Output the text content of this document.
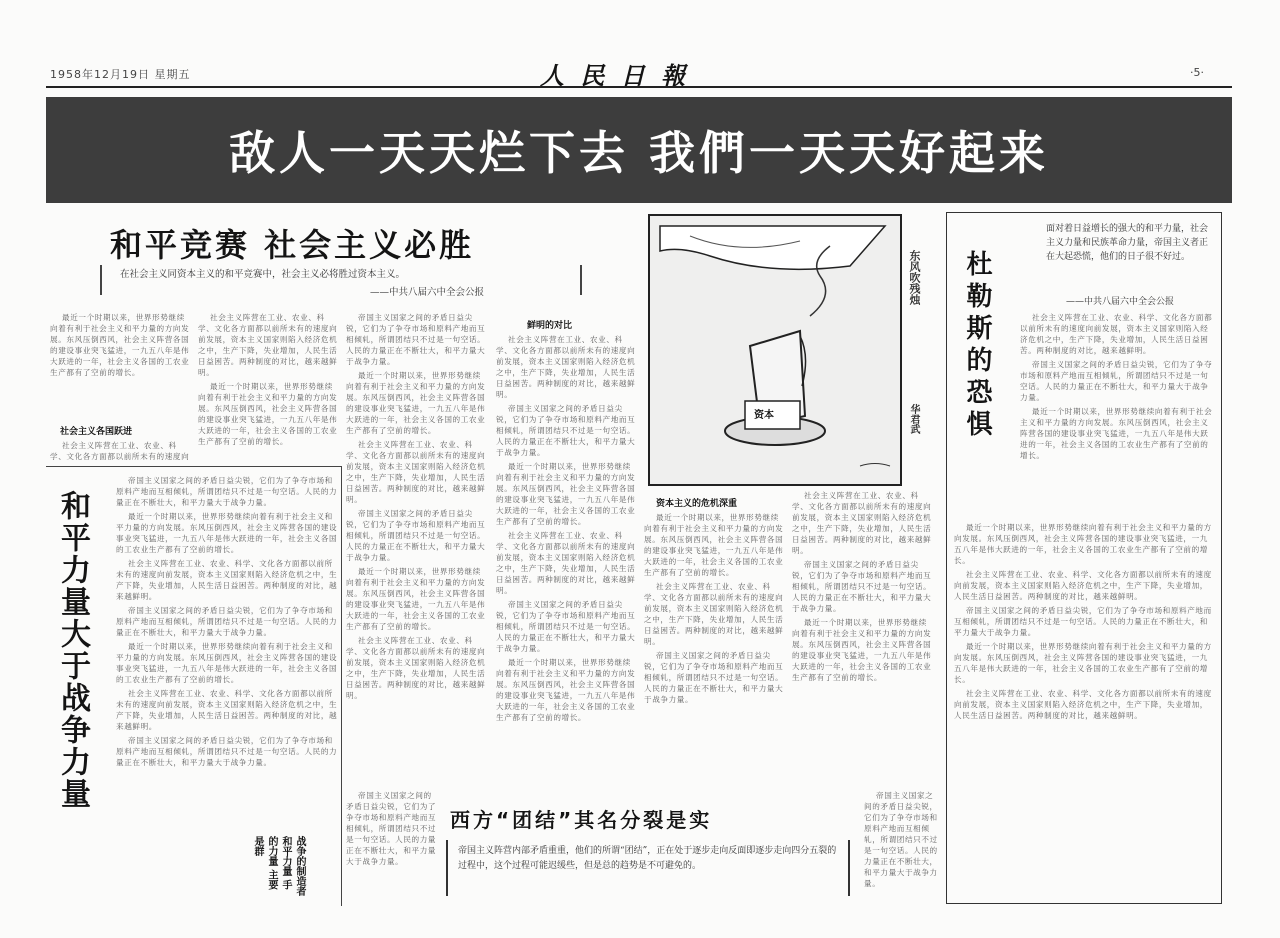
1958年12月19日 星期五	人 民 日 報	·5·
敌人一天天烂下去 我們一天天好起来
和平竞赛 社会主义必胜
在社会主义同资本主义的和平竞赛中，社会主义必将胜过资本主义。
——中共八届六中全会公报

最近一个时期以来，世界形势继续向着有利于社会主义和平力量的方向发展。东风压倒西风，社会主义阵营各国的建设事业突飞猛进，一九五八年是伟大跃进的一年，社会主义各国的工农业生产都有了空前的增长。

社会主义各国跃进

社会主义阵营在工业、农业、科学、文化各方面都以前所未有的速度向

社会主义阵营在工业、农业、科学、文化各方面都以前所未有的速度向前发展，资本主义国家则陷入经济危机之中，生产下降，失业增加，人民生活日益困苦。两种制度的对比，越来越鲜明。

最近一个时期以来，世界形势继续向着有利于社会主义和平力量的方向发展。东风压倒西风，社会主义阵营各国的建设事业突飞猛进，一九五八年是伟大跃进的一年，社会主义各国的工农业生产都有了空前的增长。

帝国主义国家之间的矛盾日益尖锐，它们为了争夺市场和原料产地而互相倾轧，所谓团结只不过是一句空话。人民的力量正在不断壮大，和平力量大于战争力量。

最近一个时期以来，世界形势继续向着有利于社会主义和平力量的方向发展。东风压倒西风，社会主义阵营各国的建设事业突飞猛进，一九五八年是伟大跃进的一年，社会主义各国的工农业生产都有了空前的增长。

社会主义阵营在工业、农业、科学、文化各方面都以前所未有的速度向前发展，资本主义国家则陷入经济危机之中，生产下降，失业增加，人民生活日益困苦。两种制度的对比，越来越鲜明。

帝国主义国家之间的矛盾日益尖锐，它们为了争夺市场和原料产地而互相倾轧，所谓团结只不过是一句空话。人民的力量正在不断壮大，和平力量大于战争力量。

最近一个时期以来，世界形势继续向着有利于社会主义和平力量的方向发展。东风压倒西风，社会主义阵营各国的建设事业突飞猛进，一九五八年是伟大跃进的一年，社会主义各国的工农业生产都有了空前的增长。

社会主义阵营在工业、农业、科学、文化各方面都以前所未有的速度向前发展，资本主义国家则陷入经济危机之中，生产下降，失业增加，人民生活日益困苦。两种制度的对比，越来越鲜明。

鲜明的对比

社会主义阵营在工业、农业、科学、文化各方面都以前所未有的速度向前发展，资本主义国家则陷入经济危机之中，生产下降，失业增加，人民生活日益困苦。两种制度的对比，越来越鲜明。

帝国主义国家之间的矛盾日益尖锐，它们为了争夺市场和原料产地而互相倾轧，所谓团结只不过是一句空话。人民的力量正在不断壮大，和平力量大于战争力量。

最近一个时期以来，世界形势继续向着有利于社会主义和平力量的方向发展。东风压倒西风，社会主义阵营各国的建设事业突飞猛进，一九五八年是伟大跃进的一年，社会主义各国的工农业生产都有了空前的增长。

社会主义阵营在工业、农业、科学、文化各方面都以前所未有的速度向前发展，资本主义国家则陷入经济危机之中，生产下降，失业增加，人民生活日益困苦。两种制度的对比，越来越鲜明。

帝国主义国家之间的矛盾日益尖锐，它们为了争夺市场和原料产地而互相倾轧，所谓团结只不过是一句空话。人民的力量正在不断壮大，和平力量大于战争力量。

最近一个时期以来，世界形势继续向着有利于社会主义和平力量的方向发展。东风压倒西风，社会主义阵营各国的建设事业突飞猛进，一九五八年是伟大跃进的一年，社会主义各国的工农业生产都有了空前的增长。

和平力量大于战争力量

帝国主义国家之间的矛盾日益尖锐，它们为了争夺市场和原料产地而互相倾轧，所谓团结只不过是一句空话。人民的力量正在不断壮大，和平力量大于战争力量。

最近一个时期以来，世界形势继续向着有利于社会主义和平力量的方向发展。东风压倒西风，社会主义阵营各国的建设事业突飞猛进，一九五八年是伟大跃进的一年，社会主义各国的工农业生产都有了空前的增长。

社会主义阵营在工业、农业、科学、文化各方面都以前所未有的速度向前发展，资本主义国家则陷入经济危机之中，生产下降，失业增加，人民生活日益困苦。两种制度的对比，越来越鲜明。

帝国主义国家之间的矛盾日益尖锐，它们为了争夺市场和原料产地而互相倾轧，所谓团结只不过是一句空话。人民的力量正在不断壮大，和平力量大于战争力量。

最近一个时期以来，世界形势继续向着有利于社会主义和平力量的方向发展。东风压倒西风，社会主义阵营各国的建设事业突飞猛进，一九五八年是伟大跃进的一年，社会主义各国的工农业生产都有了空前的增长。

社会主义阵营在工业、农业、科学、文化各方面都以前所未有的速度向前发展，资本主义国家则陷入经济危机之中，生产下降，失业增加，人民生活日益困苦。两种制度的对比，越来越鲜明。

帝国主义国家之间的矛盾日益尖锐，它们为了争夺市场和原料产地而互相倾轧，所谓团结只不过是一句空话。人民的力量正在不断壮大，和平力量大于战争力量。

战争的制造者 和平力量 手的力量 主要是群

帝国主义国家之间的矛盾日益尖锐，它们为了争夺市场和原料产地而互相倾轧，所谓团结只不过是一句空话。人民的力量正在不断壮大，和平力量大于战争力量。

资本
东风吹残烛
华君武
资本主义的危机深重

最近一个时期以来，世界形势继续向着有利于社会主义和平力量的方向发展。东风压倒西风，社会主义阵营各国的建设事业突飞猛进，一九五八年是伟大跃进的一年，社会主义各国的工农业生产都有了空前的增长。

社会主义阵营在工业、农业、科学、文化各方面都以前所未有的速度向前发展，资本主义国家则陷入经济危机之中，生产下降，失业增加，人民生活日益困苦。两种制度的对比，越来越鲜明。

帝国主义国家之间的矛盾日益尖锐，它们为了争夺市场和原料产地而互相倾轧，所谓团结只不过是一句空话。人民的力量正在不断壮大，和平力量大于战争力量。

社会主义阵营在工业、农业、科学、文化各方面都以前所未有的速度向前发展，资本主义国家则陷入经济危机之中，生产下降，失业增加，人民生活日益困苦。两种制度的对比，越来越鲜明。

帝国主义国家之间的矛盾日益尖锐，它们为了争夺市场和原料产地而互相倾轧，所谓团结只不过是一句空话。人民的力量正在不断壮大，和平力量大于战争力量。

最近一个时期以来，世界形势继续向着有利于社会主义和平力量的方向发展。东风压倒西风，社会主义阵营各国的建设事业突飞猛进，一九五八年是伟大跃进的一年，社会主义各国的工农业生产都有了空前的增长。

西方“团结”其名分裂是实
帝国主义阵营内部矛盾重重，他们的所谓“团结”，正在处于逐步走向反面即逐步走向四分五裂的过程中，这个过程可能迟缓些，但是总的趋势是不可避免的。

帝国主义国家之间的矛盾日益尖锐，它们为了争夺市场和原料产地而互相倾轧，所谓团结只不过是一句空话。人民的力量正在不断壮大，和平力量大于战争力量。

杜勒斯的恐惧
面对着日益增长的强大的和平力量，社会主义力量和民族革命力量，帝国主义者正在大起恐慌，他们的日子很不好过。
——中共八届六中全会公报

社会主义阵营在工业、农业、科学、文化各方面都以前所未有的速度向前发展，资本主义国家则陷入经济危机之中，生产下降，失业增加，人民生活日益困苦。两种制度的对比，越来越鲜明。

帝国主义国家之间的矛盾日益尖锐，它们为了争夺市场和原料产地而互相倾轧，所谓团结只不过是一句空话。人民的力量正在不断壮大，和平力量大于战争力量。

最近一个时期以来，世界形势继续向着有利于社会主义和平力量的方向发展。东风压倒西风，社会主义阵营各国的建设事业突飞猛进，一九五八年是伟大跃进的一年，社会主义各国的工农业生产都有了空前的增长。

最近一个时期以来，世界形势继续向着有利于社会主义和平力量的方向发展。东风压倒西风，社会主义阵营各国的建设事业突飞猛进，一九五八年是伟大跃进的一年，社会主义各国的工农业生产都有了空前的增长。

社会主义阵营在工业、农业、科学、文化各方面都以前所未有的速度向前发展，资本主义国家则陷入经济危机之中，生产下降，失业增加，人民生活日益困苦。两种制度的对比，越来越鲜明。

帝国主义国家之间的矛盾日益尖锐，它们为了争夺市场和原料产地而互相倾轧，所谓团结只不过是一句空话。人民的力量正在不断壮大，和平力量大于战争力量。

最近一个时期以来，世界形势继续向着有利于社会主义和平力量的方向发展。东风压倒西风，社会主义阵营各国的建设事业突飞猛进，一九五八年是伟大跃进的一年，社会主义各国的工农业生产都有了空前的增长。

社会主义阵营在工业、农业、科学、文化各方面都以前所未有的速度向前发展，资本主义国家则陷入经济危机之中，生产下降，失业增加，人民生活日益困苦。两种制度的对比，越来越鲜明。
